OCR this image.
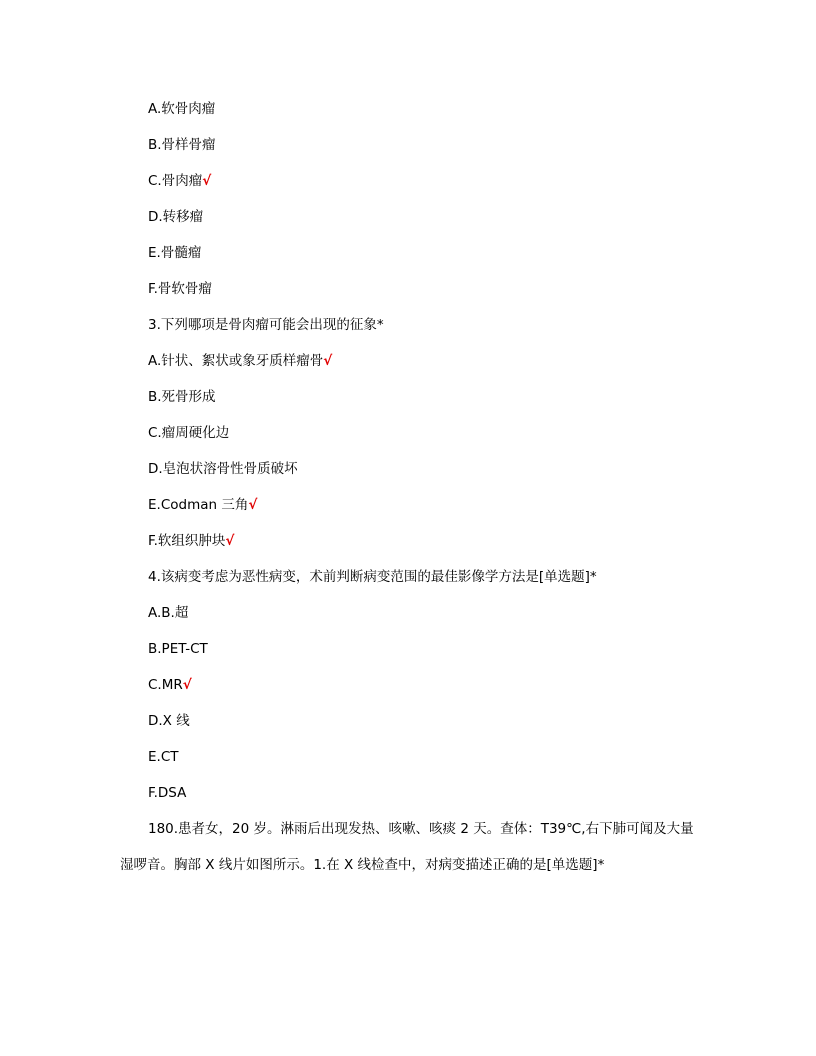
A.软骨肉瘤
B.骨样骨瘤
C.骨肉瘤√
D.转移瘤
E.骨髓瘤
F.骨软骨瘤
3.下列哪项是骨肉瘤可能会出现的征象*
A.针状、絮状或象牙质样瘤骨√
B.死骨形成
C.瘤周硬化边
D.皂泡状溶骨性骨质破坏
E.Codman 三角√
F.软组织肿块√
4.该病变考虑为恶性病变，术前判断病变范围的最佳影像学方法是[单选题]*
A.B.超
B.PET-CT
C.MR√
D.X 线
E.CT
F.DSA
180.患者女，20 岁。淋雨后出现发热、咳嗽、咳痰 2 天。查体：T39℃,右下肺可闻及大量湿啰音。胸部 X 线片如图所示。1.在 X 线检查中，对病变描述正确的是[单选题]*
